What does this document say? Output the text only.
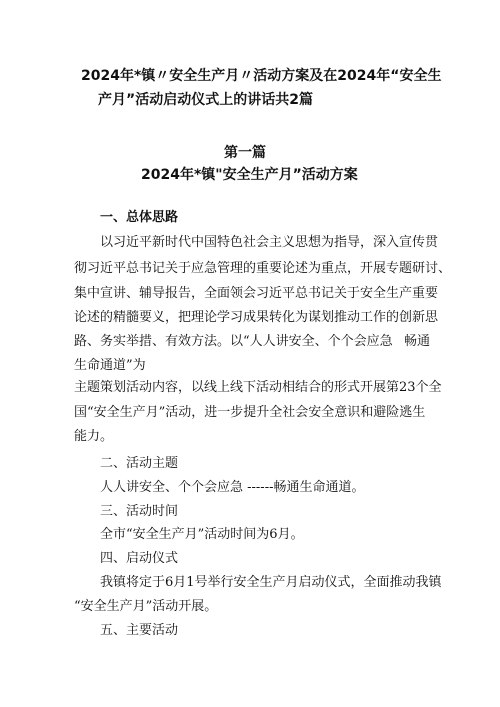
2024年*镇〃安全生产月〃活动方案及在2024年“安全生
产月”活动启动仪式上的讲话共2篇
第一篇
2024年*镇"安全生产月”活动方案
一、总体思路
以习近平新时代中国特色社会主义思想为指导，深入宣传贯
彻习近平总书记关于应急管理的重要论述为重点，开展专题研讨、
集中宣讲、辅导报告，全面领会习近平总书记关于安全生产重要
论述的精髓要义，把理论学习成果转化为谋划推动工作的创新思
路、务实举措、有效方法。以“人人讲安全、个个会应急 畅通
生命通道”为
主题策划活动内容，以线上线下活动相结合的形式开展第23个全
国“安全生产月”活动，进一步提升全社会安全意识和避险逃生
能力。
二、活动主题
人人讲安全、个个会应急 ------畅通生命通道。
三、活动时间
全市“安全生产月”活动时间为6月。
四、启动仪式
我镇将定于6月1号举行安全生产月启动仪式，全面推动我镇
“安全生产月”活动开展。
五、主要活动
